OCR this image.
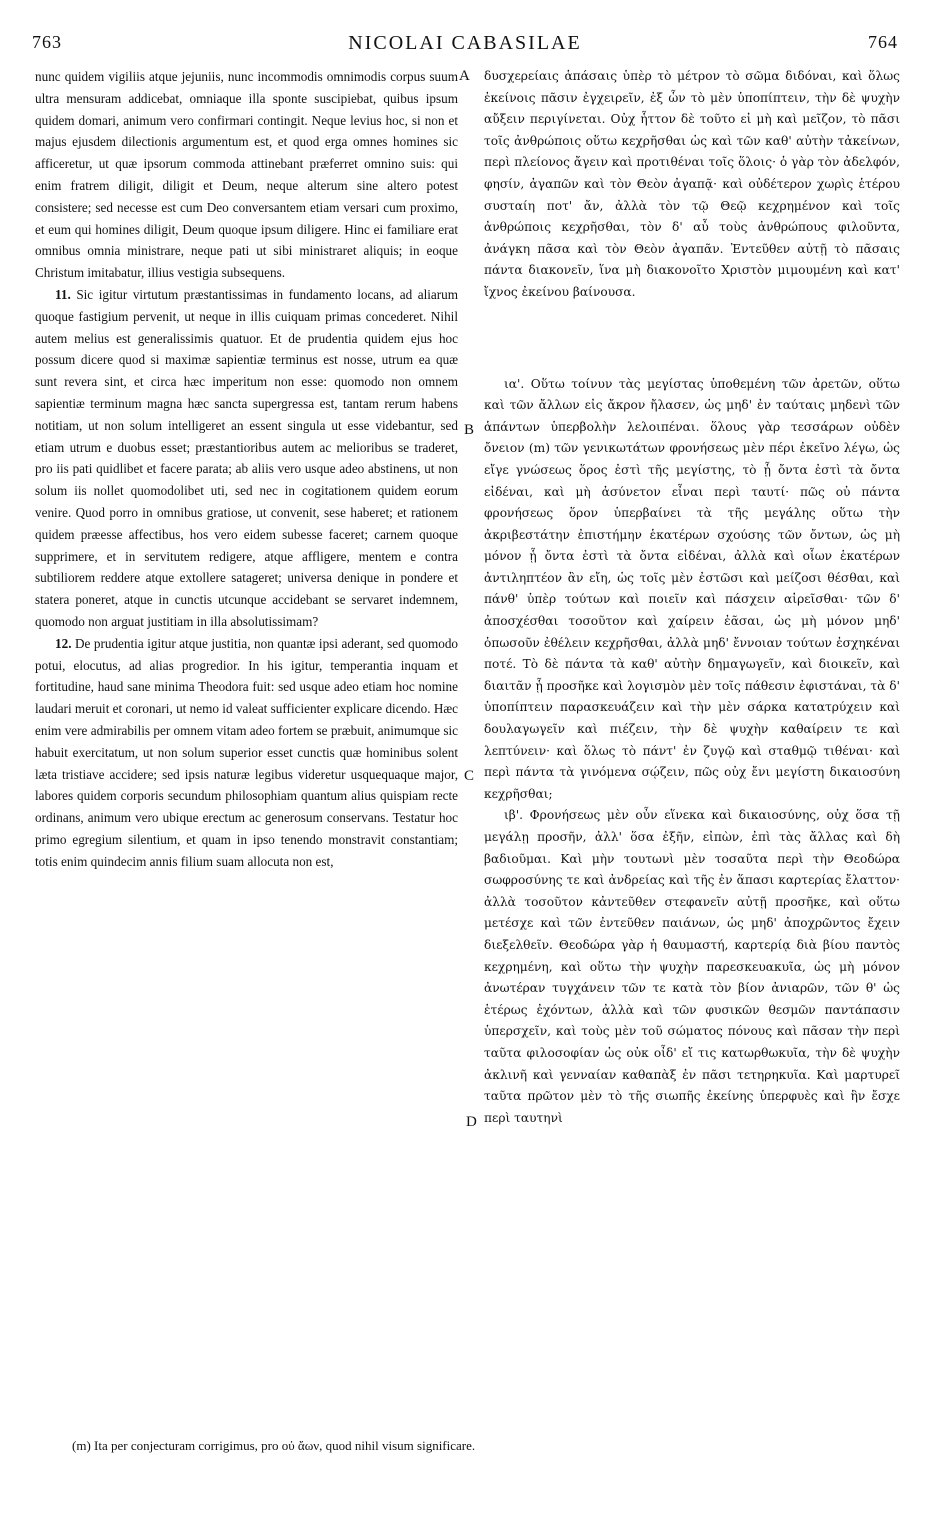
763	NICOLAI CABASILAE	764

nunc quidem vigiliis atque jejuniis, nunc incommodis omnimodis corpus suum ultra mensuram addicebat, omniaque illa sponte suscipiebat, quibus ipsum quidem domari, animum vero confirmari contingit. Neque levius hoc, si non et majus ejusdem dilectionis argumentum est, et quod erga omnes homines sic afficeretur, ut quæ ipsorum commoda attinebant præferret omnino suis: qui enim fratrem diligit, diligit et Deum, neque alterum sine altero potest consistere; sed necesse est cum Deo conversantem etiam versari cum proximo, et eum qui homines diligit, Deum quoque ipsum diligere. Hinc ei familiare erat omnibus omnia ministrare, neque pati ut sibi ministraret aliquis; in eoque Christum imitabatur, illius vestigia subsequens.

11. Sic igitur virtutum præstantissimas in fundamento locans, ad aliarum quoque fastigium pervenit, ut neque in illis cuiquam primas concederet. Nihil autem melius est generalissimis quatuor. Et de prudentia quidem ejus hoc possum dicere quod si maximæ sapientiæ terminus est nosse, utrum ea quæ sunt revera sint, et circa hæc imperitum non esse: quomodo non omnem sapientiæ terminum magna hæc sancta supergressa est, tantam rerum habens notitiam, ut non solum intelligeret an essent singula ut esse videbantur, sed etiam utrum e duobus esset; præstantioribus autem ac melioribus se traderet, pro iis pati quidlibet et facere parata; ab aliis vero usque adeo abstinens, ut non solum iis nollet quomodolibet uti, sed nec in cogitationem quidem eorum venire. Quod porro in omnibus gratiose, ut convenit, sese haberet; et rationem quidem præesse affectibus, hos vero eidem subesse faceret; carnem quoque supprimere, et in servitutem redigere, atque affligere, mentem e contra subtiliorem reddere atque extollere satageret; universa denique in pondere et statera poneret, atque in cunctis utcunque accidebant se servaret indemnem, quomodo non arguat justitiam in illa absolutissimam?

12. De prudentia igitur atque justitia, non quantæ ipsi aderant, sed quomodo potui, elocutus, ad alias progredior. In his igitur, temperantia inquam et fortitudine, haud sane minima Theodora fuit: sed usque adeo etiam hoc nomine laudari meruit et coronari, ut nemo id valeat sufficienter explicare dicendo. Hæc enim vere admirabilis per omnem vitam adeo fortem se præbuit, animumque sic habuit exercitatum, ut non solum superior esset cunctis quæ hominibus solent læta tristiave accidere; sed ipsis naturæ legibus videretur usquequaque major, labores quidem corporis secundum philosophiam quantum alius quispiam recte ordinans, animum vero ubique erectum ac generosum conservans. Testatur hoc primo egregium silentium, et quam in ipso tenendo monstravit constantiam; totis enim quindecim annis filium suam allocuta non est,

A
B
C
D

δυσχερείαις ἁπάσαις ὑπὲρ τὸ μέτρον τὸ σῶμα διδόναι, καὶ ὅλως ἐκείνοις πᾶσιν ἐγχειρεῖν, ἐξ ὧν τὸ μὲν ὑποπίπτειν, τὴν δὲ ψυχὴν αὔξειν περιγίνεται. Οὐχ ἧττον δὲ τοῦτο εἰ μὴ καὶ μεῖζον, τὸ πᾶσι τοῖς ἀνθρώποις οὕτω κεχρῆσθαι ὡς καὶ τῶν καθ' αὐτὴν τἀκείνων, περὶ πλείονος ἄγειν καὶ προτιθέναι τοῖς ὅλοις· ὁ γὰρ τὸν ἀδελφόν, φησίν, ἀγαπῶν καὶ τὸν Θεὸν ἀγαπᾷ· καὶ οὐδέτερον χωρὶς ἑτέρου συσταίη ποτ' ἄν, ἀλλὰ τὸν τῷ Θεῷ κεχρημένον καὶ τοῖς ἀνθρώποις κεχρῆσθαι, τὸν δ' αὖ τοὺς ἀνθρώπους φιλοῦντα, ἀνάγκη πᾶσα καὶ τὸν Θεὸν ἀγαπᾶν. Ἐντεῦθεν αὐτῇ τὸ πᾶσαις πάντα διακονεῖν, ἵνα μὴ διακονοῖτο Χριστὸν μιμουμένη καὶ κατ' ἴχνος ἐκείνου βαίνουσα.

ια'. Οὕτω τοίνυν τὰς μεγίστας ὑποθεμένη τῶν ἀρετῶν, οὕτω καὶ τῶν ἄλλων εἰς ἄκρον ἤλασεν, ὡς μηδ' ἐν ταύταις μηδενὶ τῶν ἁπάντων ὑπερβολὴν λελοιπέναι. ὅλους γὰρ τεσσάρων οὐδὲν ὄνειον (m) τῶν γενικωτάτων φρονήσεως μὲν πέρι ἐκεῖνο λέγω, ὡς εἴγε γνώσεως ὅρος ἐστὶ τῆς μεγίστης, τὸ ᾗ ὄντα ἐστὶ τὰ ὄντα εἰδέναι, καὶ μὴ ἀσύνετον εἶναι περὶ ταυτί· πῶς οὐ πάντα φρονήσεως ὅρον ὑπερβαίνει τὰ τῆς μεγάλης οὕτω τὴν ἀκριβεστάτην ἐπιστήμην ἑκατέρων σχούσης τῶν ὄντων, ὡς μὴ μόνον ᾗ ὄντα ἐστὶ τὰ ὄντα εἰδέναι, ἀλλὰ καὶ οἷων ἑκατέρων ἀντιληπτέον ἂν εἴη, ὡς τοῖς μὲν ἐστῶσι καὶ μείζοσι θέσθαι, καὶ πάνθ' ὑπὲρ τούτων καὶ ποιεῖν καὶ πάσχειν αἱρεῖσθαι· τῶν δ' ἀποσχέσθαι τοσοῦτον καὶ χαίρειν ἐᾶσαι, ὡς μὴ μόνον μηδ' ὁπωσοῦν ἐθέλειν κεχρῆσθαι, ἀλλὰ μηδ' ἔννοιαν τούτων ἐσχηκέναι ποτέ. Τὸ δὲ πάντα τὰ καθ' αὐτὴν δημαγωγεῖν, καὶ διοικεῖν, καὶ διαιτᾶν ᾗ προσῆκε καὶ λογισμὸν μὲν τοῖς πάθεσιν ἐφιστάναι, τὰ δ' ὑποπίπτειν παρασκευάζειν καὶ τὴν μὲν σάρκα κατατρύχειν καὶ δουλαγωγεῖν καὶ πιέζειν, τὴν δὲ ψυχὴν καθαίρειν τε καὶ λεπτύνειν· καὶ ὅλως τὸ πάντ' ἐν ζυγῷ καὶ σταθμῷ τιθέναι· καὶ περὶ πάντα τὰ γινόμενα σῴζειν, πῶς οὐχ ἔνι μεγίστη δικαιοσύνη κεχρῆσθαι;

ιβ'. Φρονήσεως μὲν οὖν εἵνεκα καὶ δικαιοσύνης, οὐχ ὅσα τῇ μεγάλῃ προσῆν, ἀλλ' ὅσα ἐξῆν, εἰπὼν, ἐπὶ τὰς ἄλλας καὶ δὴ βαδιοῦμαι. Καὶ μὴν τουτωνὶ μὲν τοσαῦτα περὶ τὴν Θεοδώρα σωφροσύνης τε καὶ ἀνδρείας καὶ τῆς ἐν ἅπασι καρτερίας ἔλαττον· ἀλλὰ τοσοῦτον κἀντεῦθεν στεφανεῖν αὐτῇ προσῆκε, καὶ οὕτω μετέσχε καὶ τῶν ἐντεῦθεν παιάνων, ὡς μηδ' ἀποχρῶντος ἔχειν διεξελθεῖν. Θεοδώρα γὰρ ἡ θαυμαστή, καρτερίᾳ διὰ βίου παντὸς κεχρημένη, καὶ οὕτω τὴν ψυχὴν παρεσκευακυῖα, ὡς μὴ μόνον ἀνωτέραν τυγχάνειν τῶν τε κατὰ τὸν βίον ἀνιαρῶν, τῶν θ' ὡς ἑτέρως ἐχόντων, ἀλλὰ καὶ τῶν φυσικῶν θεσμῶν παντάπασιν ὑπερσχεῖν, καὶ τοὺς μὲν τοῦ σώματος πόνους καὶ πᾶσαν τὴν περὶ ταῦτα φιλοσοφίαν ὡς οὐκ οἶδ' εἴ τις κατωρθωκυῖα, τὴν δὲ ψυχὴν ἀκλινῆ καὶ γενναίαν καθαπὰξ ἐν πᾶσι τετηρηκυῖα. Καὶ μαρτυρεῖ ταῦτα πρῶτον μὲν τὸ τῆς σιωπῆς ἐκείνης ὑπερφυὲς καὶ ἣν ἔσχε περὶ ταυτηνὶ

(m) Ita per conjecturam corrigimus, pro οὐ ἄων, quod nihil visum significare.
